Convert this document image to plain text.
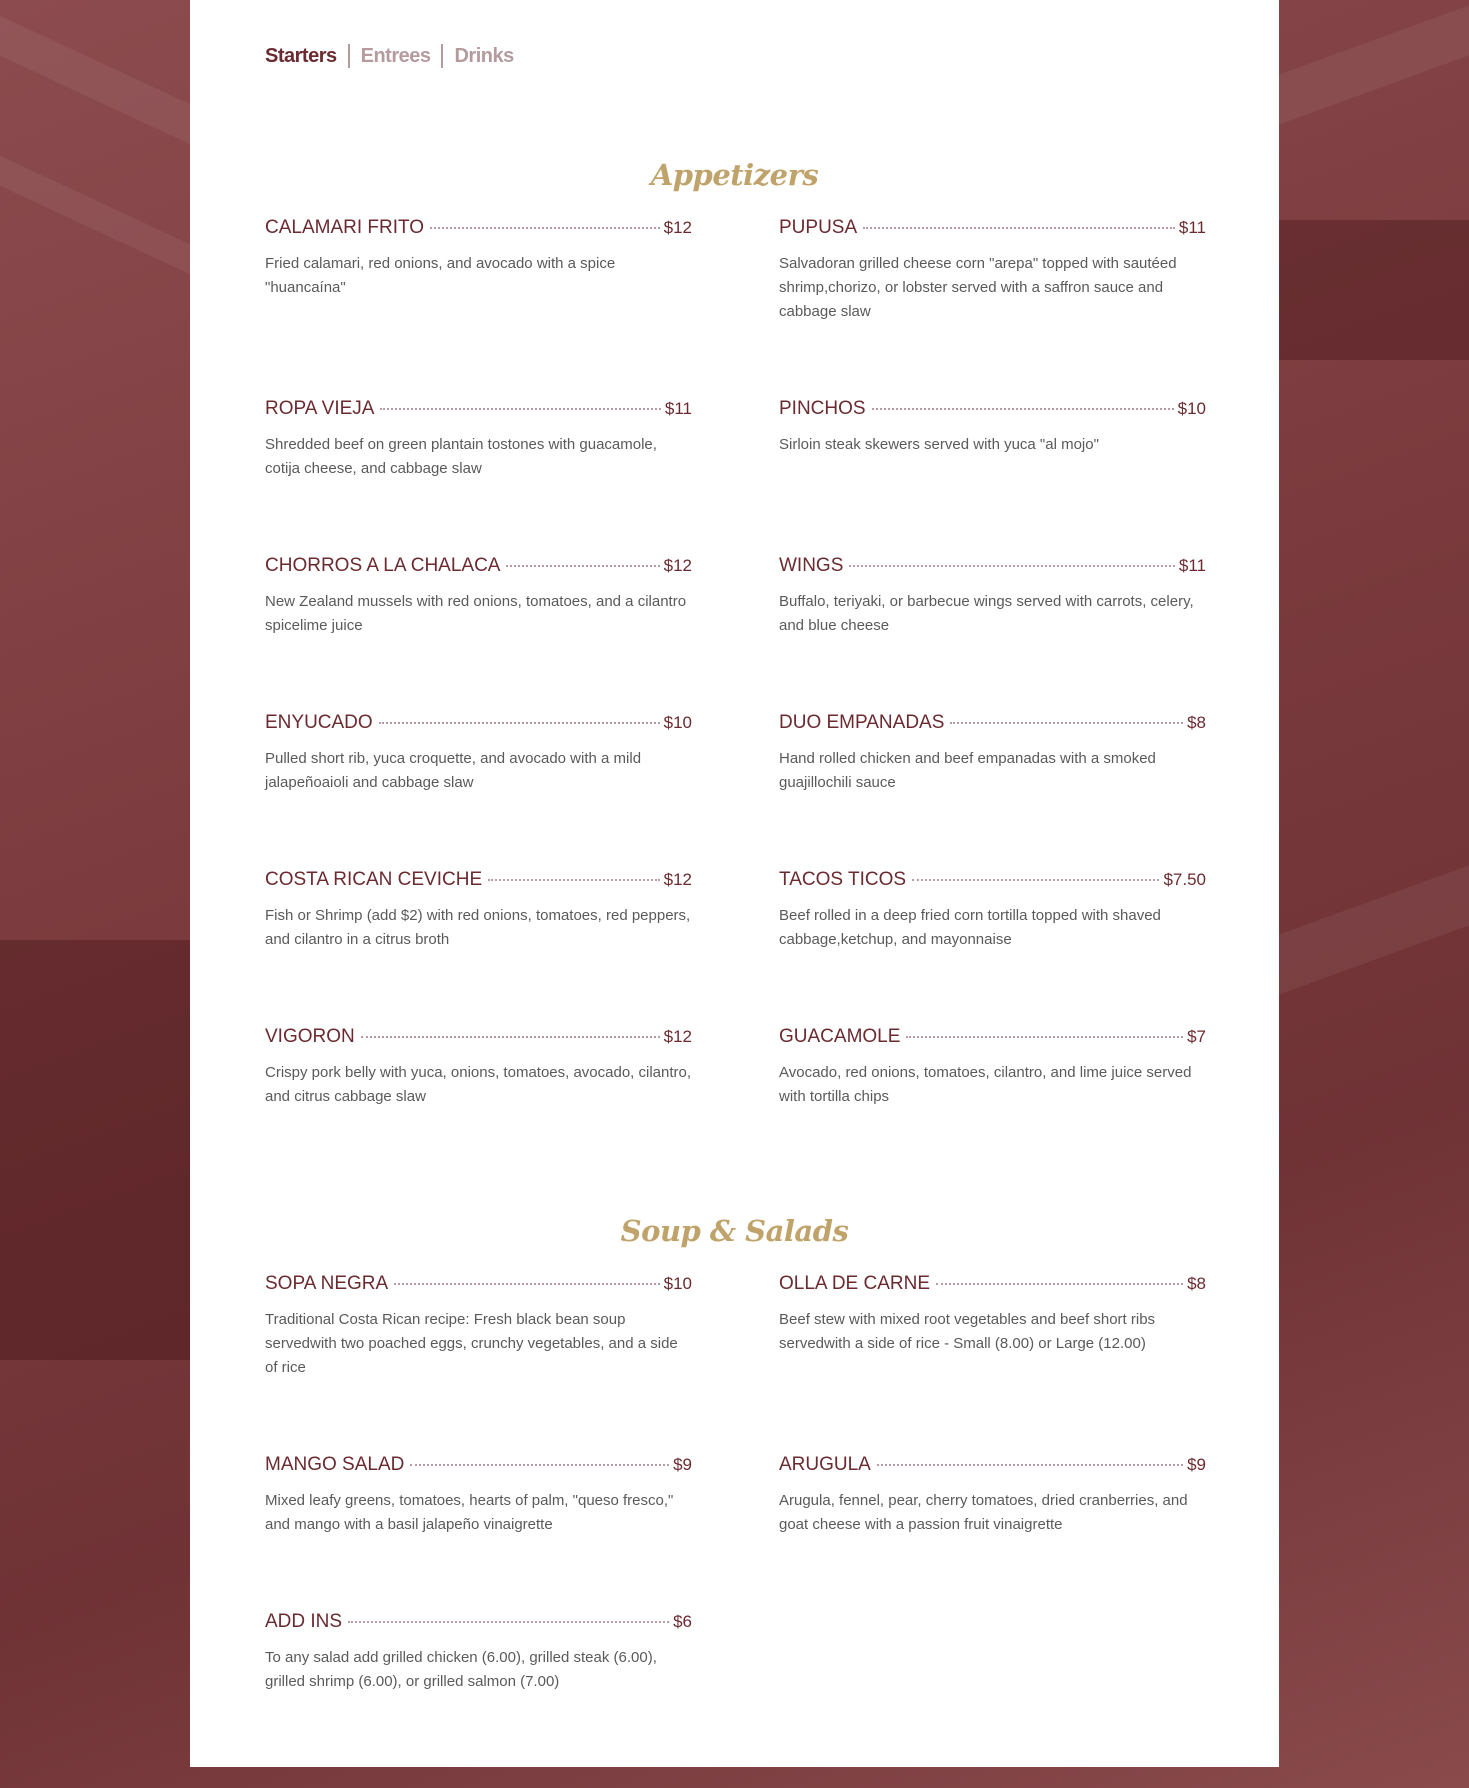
Starters Entrees Drinks
Appetizers
CALAMARI FRITO	$12
Fried calamari, red onions, and avocado with a spice "huancaína"
PUPUSA	$11
Salvadoran grilled cheese corn "arepa" topped with sautéed shrimp,chorizo, or lobster served with a saffron sauce and cabbage slaw
ROPA VIEJA	$11
Shredded beef on green plantain tostones with guacamole, cotija cheese, and cabbage slaw
PINCHOS	$10
Sirloin steak skewers served with yuca "al mojo"
CHORROS A LA CHALACA	$12
New Zealand mussels with red onions, tomatoes, and a cilantro spicelime juice
WINGS	$11
Buffalo, teriyaki, or barbecue wings served with carrots, celery, and blue cheese
ENYUCADO	$10
Pulled short rib, yuca croquette, and avocado with a mild jalapeñoaioli and cabbage slaw
DUO EMPANADAS	$8
Hand rolled chicken and beef empanadas with a smoked guajillochili sauce
COSTA RICAN CEVICHE	$12
Fish or Shrimp (add $2) with red onions, tomatoes, red peppers, and cilantro in a citrus broth
TACOS TICOS	$7.50
Beef rolled in a deep fried corn tortilla topped with shaved cabbage,ketchup, and mayonnaise
VIGORON	$12
Crispy pork belly with yuca, onions, tomatoes, avocado, cilantro, and citrus cabbage slaw
GUACAMOLE	$7
Avocado, red onions, tomatoes, cilantro, and lime juice served with tortilla chips
Soup & Salads
SOPA NEGRA	$10
Traditional Costa Rican recipe: Fresh black bean soup servedwith two poached eggs, crunchy vegetables, and a side of rice
OLLA DE CARNE	$8
Beef stew with mixed root vegetables and beef short ribs servedwith a side of rice - Small (8.00) or Large (12.00)
MANGO SALAD	$9
Mixed leafy greens, tomatoes, hearts of palm, "queso fresco," and mango with a basil jalapeño vinaigrette
ARUGULA	$9
Arugula, fennel, pear, cherry tomatoes, dried cranberries, and goat cheese with a passion fruit vinaigrette
ADD INS	$6
To any salad add grilled chicken (6.00), grilled steak (6.00), grilled shrimp (6.00), or grilled salmon (7.00)
